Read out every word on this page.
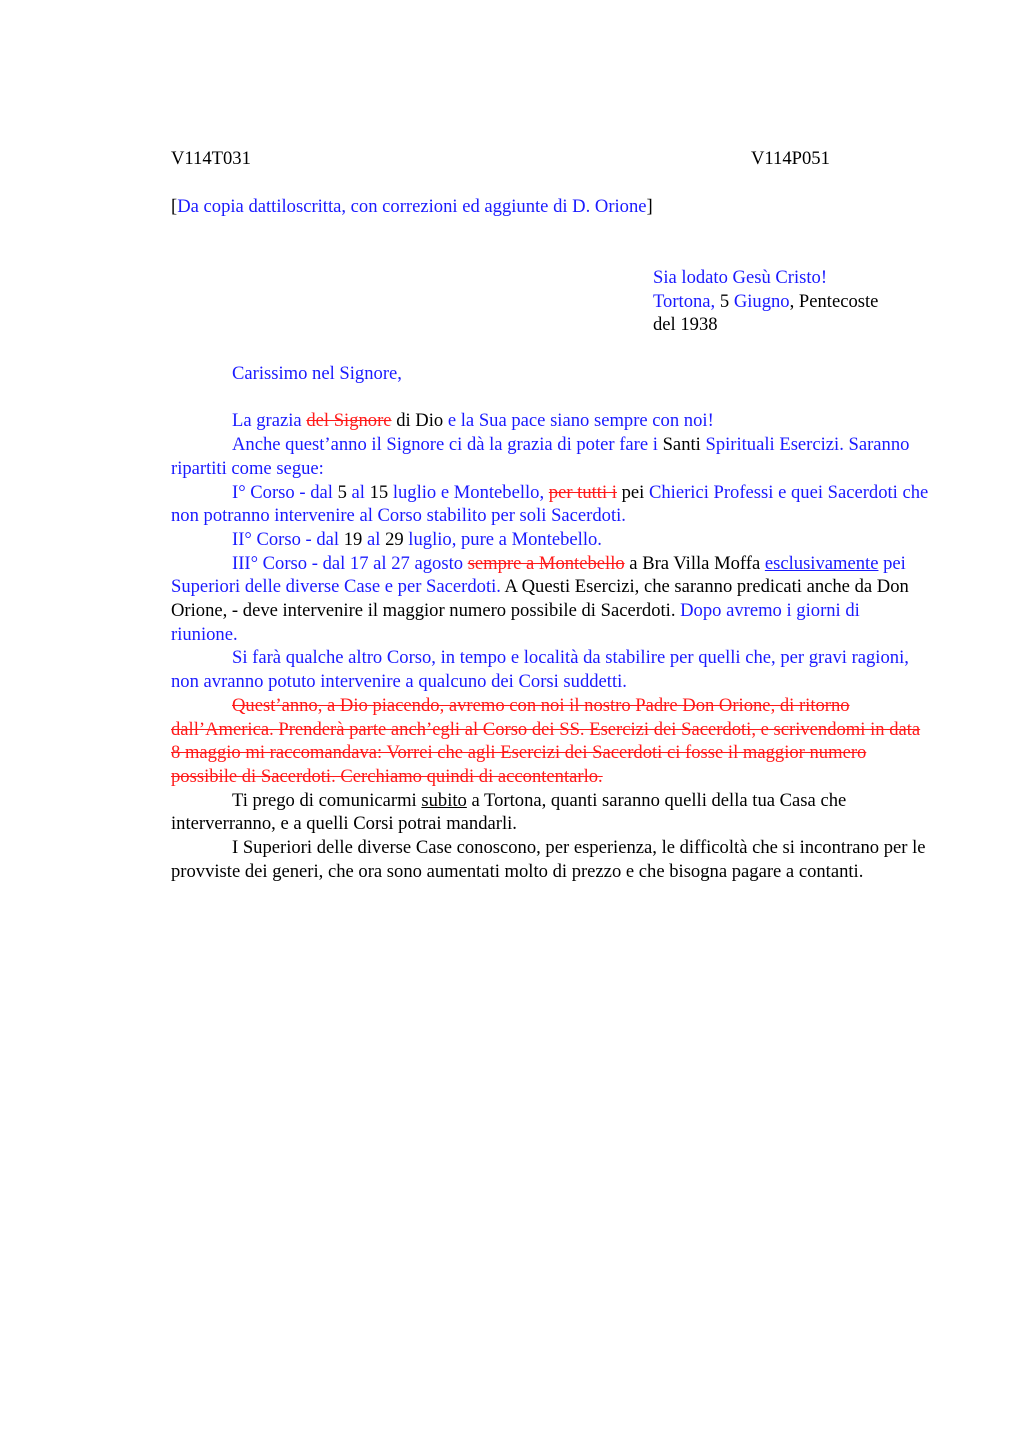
V114T031	V114P051
[Da copia dattiloscritta, con correzioni ed aggiunte di D. Orione]
Sia lodato Gesù Cristo!
Tortona, 5 Giugno, Pentecoste
del 1938

Carissimo nel Signore,

La grazia del Signore di Dio e la Sua pace siano sempre con noi!

Anche quest’anno il Signore ci dà la grazia di poter fare i Santi Spirituali Esercizi. Saranno ripartiti come segue:

I° Corso - dal 5 al 15 luglio e Montebello, per tutti i pei Chierici Professi e quei Sacerdoti che non potranno intervenire al Corso stabilito per soli Sacerdoti.

II° Corso - dal 19 al 29 luglio, pure a Montebello.

III° Corso - dal 17 al 27 agosto sempre a Montebello a Bra Villa Moffa esclusivamente pei Superiori delle diverse Case e per Sacerdoti. A Questi Esercizi, che saranno predicati anche da Don Orione, - deve intervenire il maggior numero possibile di Sacerdoti. Dopo avremo i giorni di riunione.

Si farà qualche altro Corso, in tempo e località da stabilire per quelli che, per gravi ragioni, non avranno potuto intervenire a qualcuno dei Corsi suddetti.

Quest’anno, a Dio piacendo, avremo con noi il nostro Padre Don Orione, di ritorno dall’America. Prenderà parte anch’egli al Corso dei SS. Esercizi dei Sacerdoti, e scrivendomi in data 8 maggio mi raccomandava: Vorrei che agli Esercizi dei Sacerdoti ci fosse il maggior numero possibile di Sacerdoti. Cerchiamo quindi di accontentarlo.

Ti prego di comunicarmi subito a Tortona, quanti saranno quelli della tua Casa che interverranno, e a quelli Corsi potrai mandarli.

I Superiori delle diverse Case conoscono, per esperienza, le difficoltà che si incontrano per le provviste dei generi, che ora sono aumentati molto di prezzo e che bisogna pagare a contanti.
